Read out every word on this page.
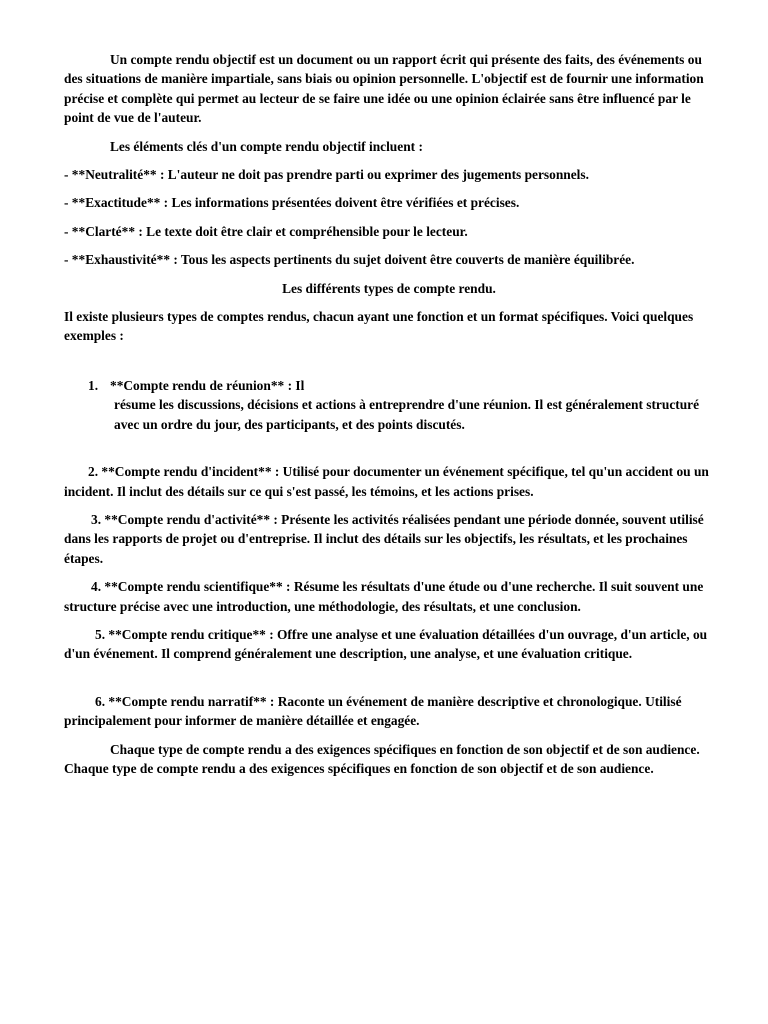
Un compte rendu objectif est un document ou un rapport écrit qui présente des faits, des événements ou des situations de manière impartiale, sans biais ou opinion personnelle. L'objectif est de fournir une information précise et complète qui permet au lecteur de se faire une idée ou une opinion éclairée sans être influencé par le point de vue de l'auteur.

Les éléments clés d'un compte rendu objectif incluent :

- **Neutralité** : L'auteur ne doit pas prendre parti ou exprimer des jugements personnels.

- **Exactitude** : Les informations présentées doivent être vérifiées et précises.

- **Clarté** : Le texte doit être clair et compréhensible pour le lecteur.

- **Exhaustivité** : Tous les aspects pertinents du sujet doivent être couverts de manière équilibrée.

Les différents types de compte rendu.

Il existe plusieurs types de comptes rendus, chacun ayant une fonction et un format spécifiques. Voici quelques exemples :

1. **Compte rendu de réunion** : Il
résume les discussions, décisions et actions à entreprendre d'une réunion. Il est généralement structuré avec un ordre du jour, des participants, et des points discutés.

2. **Compte rendu d'incident** : Utilisé pour documenter un événement spécifique, tel qu'un accident ou un incident. Il inclut des détails sur ce qui s'est passé, les témoins, et les actions prises.

3. **Compte rendu d'activité** : Présente les activités réalisées pendant une période donnée, souvent utilisé dans les rapports de projet ou d'entreprise. Il inclut des détails sur les objectifs, les résultats, et les prochaines étapes.

4. **Compte rendu scientifique** : Résume les résultats d'une étude ou d'une recherche. Il suit souvent une structure précise avec une introduction, une méthodologie, des résultats, et une conclusion.

5. **Compte rendu critique** : Offre une analyse et une évaluation détaillées d'un ouvrage, d'un article, ou d'un événement. Il comprend généralement une description, une analyse, et une évaluation critique.

6. **Compte rendu narratif** : Raconte un événement de manière descriptive et chronologique. Utilisé principalement pour informer de manière détaillée et engagée.

Chaque type de compte rendu a des exigences spécifiques en fonction de son objectif et de son audience. Chaque type de compte rendu a des exigences spécifiques en fonction de son objectif et de son audience.
